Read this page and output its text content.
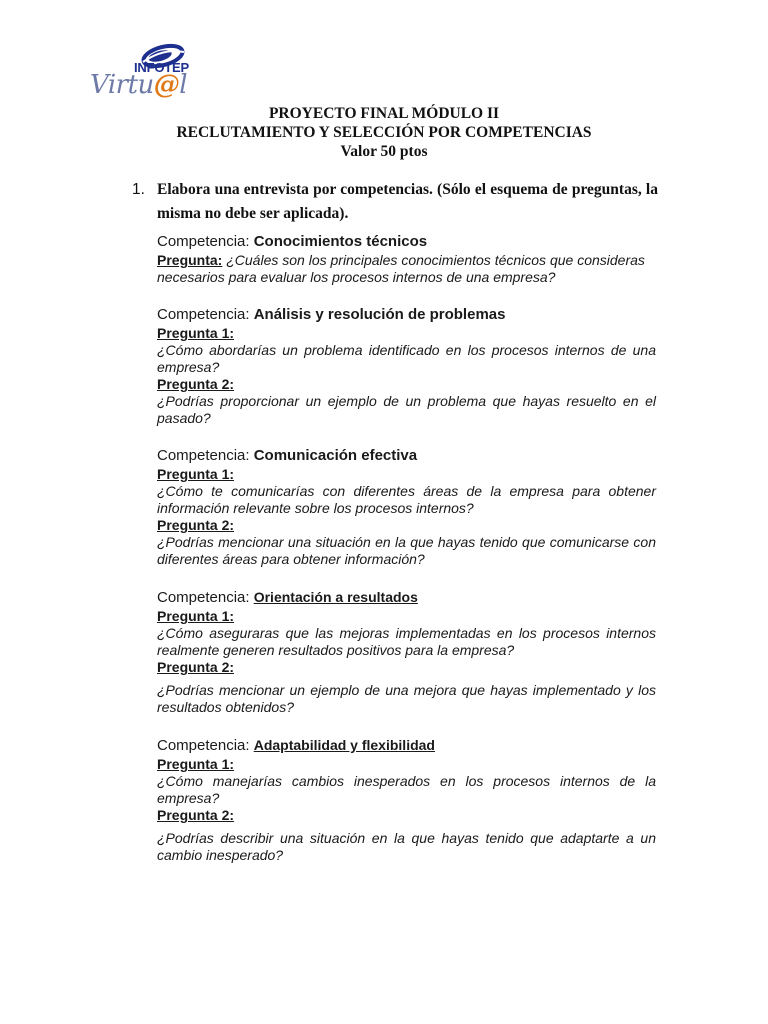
INFOTEP
Virtu@l
PROYECTO FINAL MÓDULO II
RECLUTAMIENTO Y SELECCIÓN POR COMPETENCIAS
Valor 50 ptos
1. Elabora una entrevista por competencias. (Sólo el esquema de preguntas, la misma no debe ser aplicada).
Competencia: Conocimientos técnicos
Pregunta: ¿Cuáles son los principales conocimientos técnicos que consideras necesarios para evaluar los procesos internos de una empresa?
Competencia: Análisis y resolución de problemas
Pregunta 1:
¿Cómo abordarías un problema identificado en los procesos internos de una empresa?
Pregunta 2:
¿Podrías proporcionar un ejemplo de un problema que hayas resuelto en el pasado?
Competencia: Comunicación efectiva
Pregunta 1:
¿Cómo te comunicarías con diferentes áreas de la empresa para obtener información relevante sobre los procesos internos?
Pregunta 2:
¿Podrías mencionar una situación en la que hayas tenido que comunicarse con diferentes áreas para obtener información?
Competencia: Orientación a resultados
Pregunta 1:
¿Cómo aseguraras que las mejoras implementadas en los procesos internos realmente generen resultados positivos para la empresa?
Pregunta 2:
¿Podrías mencionar un ejemplo de una mejora que hayas implementado y los resultados obtenidos?
Competencia: Adaptabilidad y flexibilidad
Pregunta 1:
¿Cómo manejarías cambios inesperados en los procesos internos de la empresa?
Pregunta 2:
¿Podrías describir una situación en la que hayas tenido que adaptarte a un cambio inesperado?
